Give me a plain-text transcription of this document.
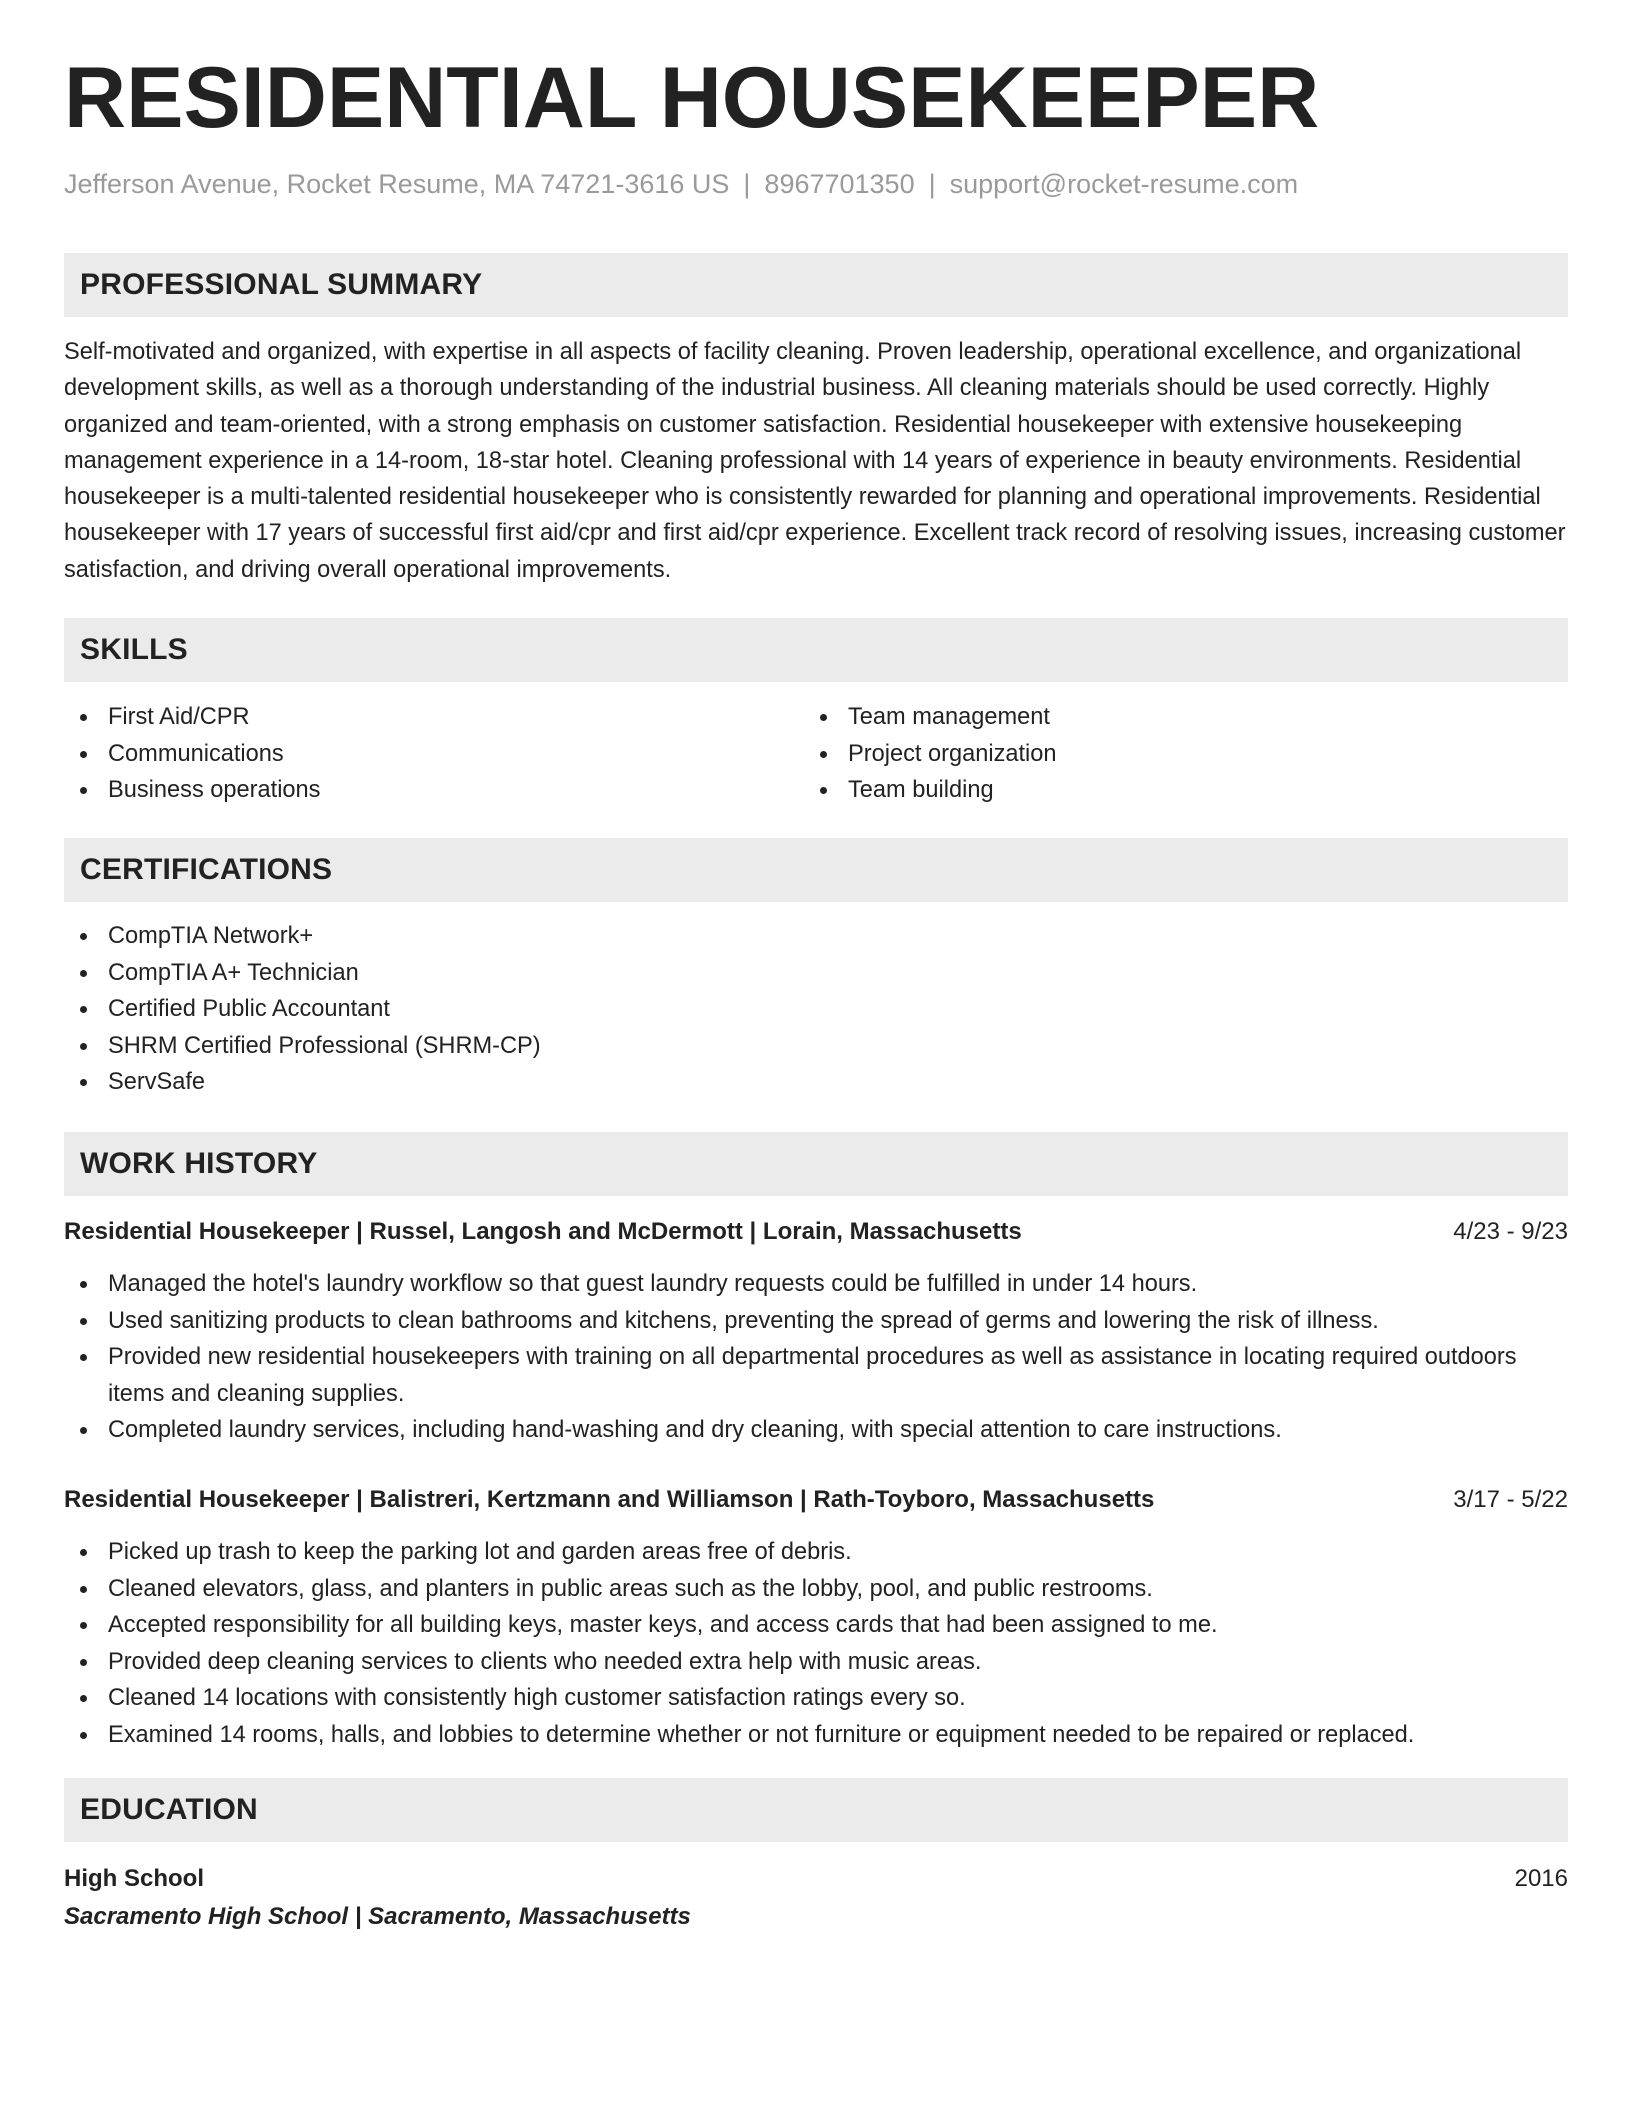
RESIDENTIAL HOUSEKEEPER
Jefferson Avenue, Rocket Resume, MA 74721-3616 US | 8967701350 | support@rocket-resume.com
PROFESSIONAL SUMMARY

Self-motivated and organized, with expertise in all aspects of facility cleaning. Proven leadership, operational excellence, and organizational development skills, as well as a thorough understanding of the industrial business. All cleaning materials should be used correctly. Highly organized and team-oriented, with a strong emphasis on customer satisfaction. Residential housekeeper with extensive housekeeping management experience in a 14-room, 18-star hotel. Cleaning professional with 14 years of experience in beauty environments. Residential housekeeper is a multi-talented residential housekeeper who is consistently rewarded for planning and operational improvements. Residential housekeeper with 17 years of successful first aid/cpr and first aid/cpr experience. Excellent track record of resolving issues, increasing customer satisfaction, and driving overall operational improvements.

SKILLS
First Aid/CPR
Communications
Business operations
Team management
Project organization
Team building
CERTIFICATIONS
CompTIA Network+
CompTIA A+ Technician
Certified Public Accountant
SHRM Certified Professional (SHRM-CP)
ServSafe
WORK HISTORY
Residential Housekeeper | Russel, Langosh and McDermott | Lorain, Massachusetts	4/23 - 9/23
Managed the hotel's laundry workflow so that guest laundry requests could be fulfilled in under 14 hours.
Used sanitizing products to clean bathrooms and kitchens, preventing the spread of germs and lowering the risk of illness.
Provided new residential housekeepers with training on all departmental procedures as well as assistance in locating required outdoors items and cleaning supplies.
Completed laundry services, including hand-washing and dry cleaning, with special attention to care instructions.
Residential Housekeeper | Balistreri, Kertzmann and Williamson | Rath-Toyboro, Massachusetts	3/17 - 5/22
Picked up trash to keep the parking lot and garden areas free of debris.
Cleaned elevators, glass, and planters in public areas such as the lobby, pool, and public restrooms.
Accepted responsibility for all building keys, master keys, and access cards that had been assigned to me.
Provided deep cleaning services to clients who needed extra help with music areas.
Cleaned 14 locations with consistently high customer satisfaction ratings every so.
Examined 14 rooms, halls, and lobbies to determine whether or not furniture or equipment needed to be repaired or replaced.
EDUCATION
High School	2016
Sacramento High School | Sacramento, Massachusetts
